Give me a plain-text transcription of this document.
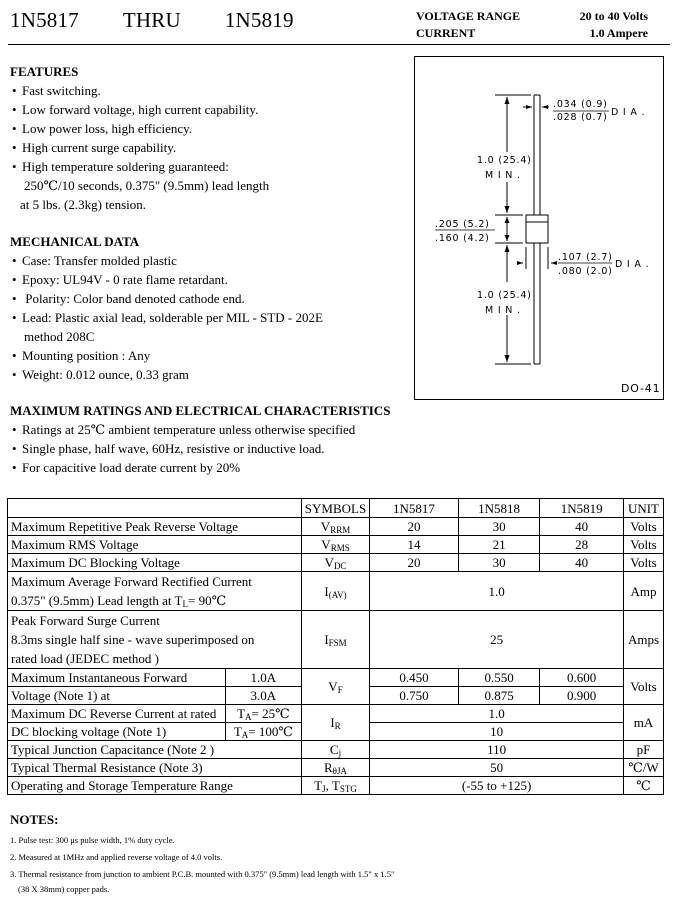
1N5817 THRU 1N5819	VOLTAGE RANGE
CURRENT
20 to 40 Volts
1.0 Ampere
FEATURES
• Fast switching.
• Low forward voltage, high current capability.
• Low power loss, high efficiency.
• High current surge capability.
• High temperature soldering guaranteed:
250℃/10 seconds, 0.375" (9.5mm) lead length
at 5 lbs. (2.3kg) tension.
MECHANICAL DATA
• Case: Transfer molded plastic
• Epoxy: UL94V - 0 rate flame retardant.
• Polarity: Color band denoted cathode end.
• Lead: Plastic axial lead, solderable per MIL - STD - 202E
method 208C
• Mounting position : Any
• Weight: 0.012 ounce, 0.33 gram
.034 (0.9)
.028 (0.7) D I A .
1.0 (25.4)
M I N .
.205 (5.2)
.160 (4.2)
.107 (2.7)
.080 (2.0)
D I A .
1.0 (25.4)
M I N .
DO-41
MAXIMUM RATINGS AND ELECTRICAL CHARACTERISTICS
• Ratings at 25℃ ambient temperature unless otherwise specified
• Single phase, half wave, 60Hz, resistive or inductive load.
• For capacitive load derate current by 20%
		SYMBOLS	1N5817	1N5818	1N5819	UNIT
Maximum Repetitive Peak Reverse Voltage		$V_{RRM}$	20	30	40	Volts
Maximum RMS Voltage		$V_{RMS}$	14	21	28	Volts
Maximum DC Blocking Voltage		$V_{DC}$	20	30	40	Volts

Maximum Average Forward Rectified Current
0.375" (9.5mm) Lead length at $T_L=$ 90℃		$I_{(AV)}$	1.0			Amp

Peak Forward Surge Current
8.3ms single half sine - wave superimposed on
rated load (JEDEC method )		$I_{FSM}$	25			Amps
Maximum Instantaneous Forward	1.0A	$V_F$	0.450	0.550	0.600	Volts
Voltage (Note 1) at	3.0A		0.750	0.875	0.900	
Maximum DC Reverse Current at rated	$T_A=$ 25℃	$I_R$	1.0			mA
DC blocking voltage (Note 1)	$T_A=$ 100℃		10			
Typical Junction Capacitance (Note 2 )		$C_j$	110			pF
Typical Thermal Resistance (Note 3)		$R_{\theta JA}$	50			℃/W
Operating and Storage Temperature Range		$T_J$, $T_{STG}$	(-55 to +125)			℃
NOTES:
1. Pulse test: 300 μs pulse width, 1% duty cycle.
2. Measured at 1MHz and applied reverse voltage of 4.0 volts.
3. Thermal resistance from junction to ambient P.C.B. mounted with 0.375" (9.5mm) lead length with 1.5" x 1.5"
(38 X 38mm) copper pads.
